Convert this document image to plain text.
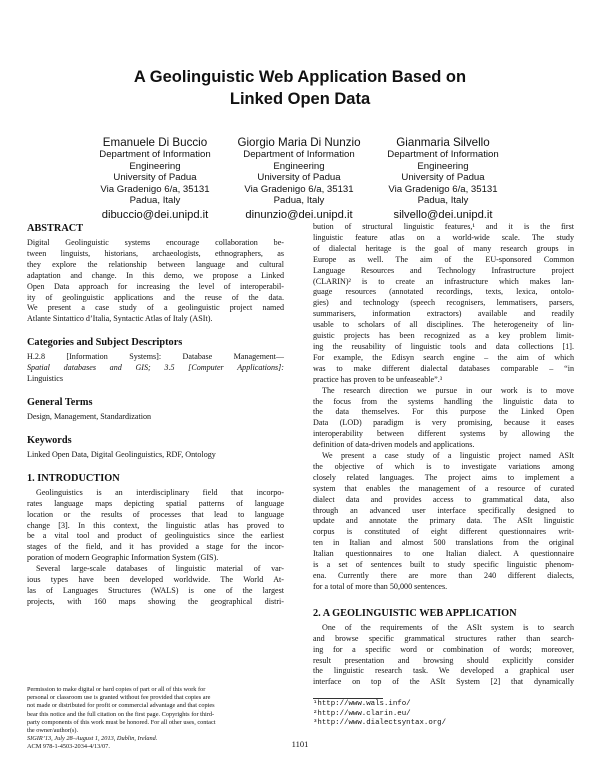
A Geolinguistic Web Application Based on
Linked Open Data
Emanuele Di Buccio
Department of Information
Engineering
University of Padua
Via Gradenigo 6/a, 35131
Padua, Italy
dibuccio@dei.unipd.it
Giorgio Maria Di Nunzio
Department of Information
Engineering
University of Padua
Via Gradenigo 6/a, 35131
Padua, Italy
dinunzio@dei.unipd.it
Gianmaria Silvello
Department of Information
Engineering
University of Padua
Via Gradenigo 6/a, 35131
Padua, Italy
silvello@dei.unipd.it
ABSTRACT
Digital Geolinguistic systems encourage collaboration be-
tween linguists, historians, archaeologists, ethnographers, as
they explore the relationship between language and cultural
adaptation and change. In this demo, we propose a Linked
Open Data approach for increasing the level of interoperabil-
ity of geolinguistic applications and the reuse of the data.
We present a case study of a geolinguistic project named
Atlante Sintattico d’Italia, Syntactic Atlas of Italy (ASIt).
Categories and Subject Descriptors
H.2.8 [Information Systems]: Database Management—
Spatial databases and GIS; 3.5 [Computer Applications]:
Linguistics
General Terms
Design, Management, Standardization
Keywords
Linked Open Data, Digital Geolinguistics, RDF, Ontology
1. INTRODUCTION
Geolinguistics is an interdisciplinary field that incorpo-
rates language maps depicting spatial patterns of language
location or the results of processes that lead to language
change [3]. In this context, the linguistic atlas has proved to
be a vital tool and product of geolinguistics since the earliest
stages of the field, and it has provided a stage for the incor-
poration of modern Geographic Information System (GIS).
Several large-scale databases of linguistic material of var-
ious types have been developed worldwide. The World At-
las of Languages Structures (WALS) is one of the largest
projects, with 160 maps showing the geographical distri-
Permission to make digital or hard copies of part or all of this work for
personal or classroom use is granted without fee provided that copies are
not made or distributed for profit or commercial advantage and that copies
bear this notice and the full citation on the first page. Copyrights for third-
party components of this work must be honored. For all other uses, contact
the owner/author(s).
SIGIR’13, July 28–August 1, 2013, Dublin, Ireland.
ACM 978-1-4503-2034-4/13/07.
bution of structural linguistic features,¹ and it is the first
linguistic feature atlas on a world-wide scale. The study
of dialectal heritage is the goal of many research groups in
Europe as well. The aim of the EU-sponsored Common
Language Resources and Technology Infrastructure project
(CLARIN)² is to create an infrastructure which makes lan-
guage resources (annotated recordings, texts, lexica, ontolo-
gies) and technology (speech recognisers, lemmatisers, parsers,
summarisers, information extractors) available and readily
usable to scholars of all disciplines. The heterogeneity of lin-
guistic projects has been recognized as a key problem limit-
ing the reusability of linguistic tools and data collections [1].
For example, the Edisyn search engine – the aim of which
was to make different dialectal databases comparable – “in
practice has proven to be unfeaseable”.³
The research direction we pursue in our work is to move
the focus from the systems handling the linguistic data to
the data themselves. For this purpose the Linked Open
Data (LOD) paradigm is very promising, because it eases
interoperability between different systems by allowing the
definition of data-driven models and applications.
We present a case study of a linguistic project named ASIt
the objective of which is to investigate variations among
closely related languages. The project aims to implement a
system that enables the management of a resource of curated
dialect data and provides access to grammatical data, also
through an advanced user interface specifically designed to
update and annotate the primary data. The ASIt linguistic
corpus is constituted of eight different questionnaires writ-
ten in Italian and almost 500 translations from the original
Italian questionnaires to one Italian dialect. A questionnaire
is a set of sentences built to study specific linguistic phenom-
ena. Currently there are more than 240 different dialects,
for a total of more than 50,000 sentences.
2. A GEOLINGUISTIC WEB APPLICATION
One of the requirements of the ASIt system is to search
and browse specific grammatical structures rather than search-
ing for a specific word or combination of words; moreover,
result presentation and browsing should explicitly consider
the linguistic research task. We developed a graphical user
interface on top of the ASIt System [2] that dynamically
¹http://www.wals.info/
²http://www.clarin.eu/
³http://www.dialectsyntax.org/
1101
